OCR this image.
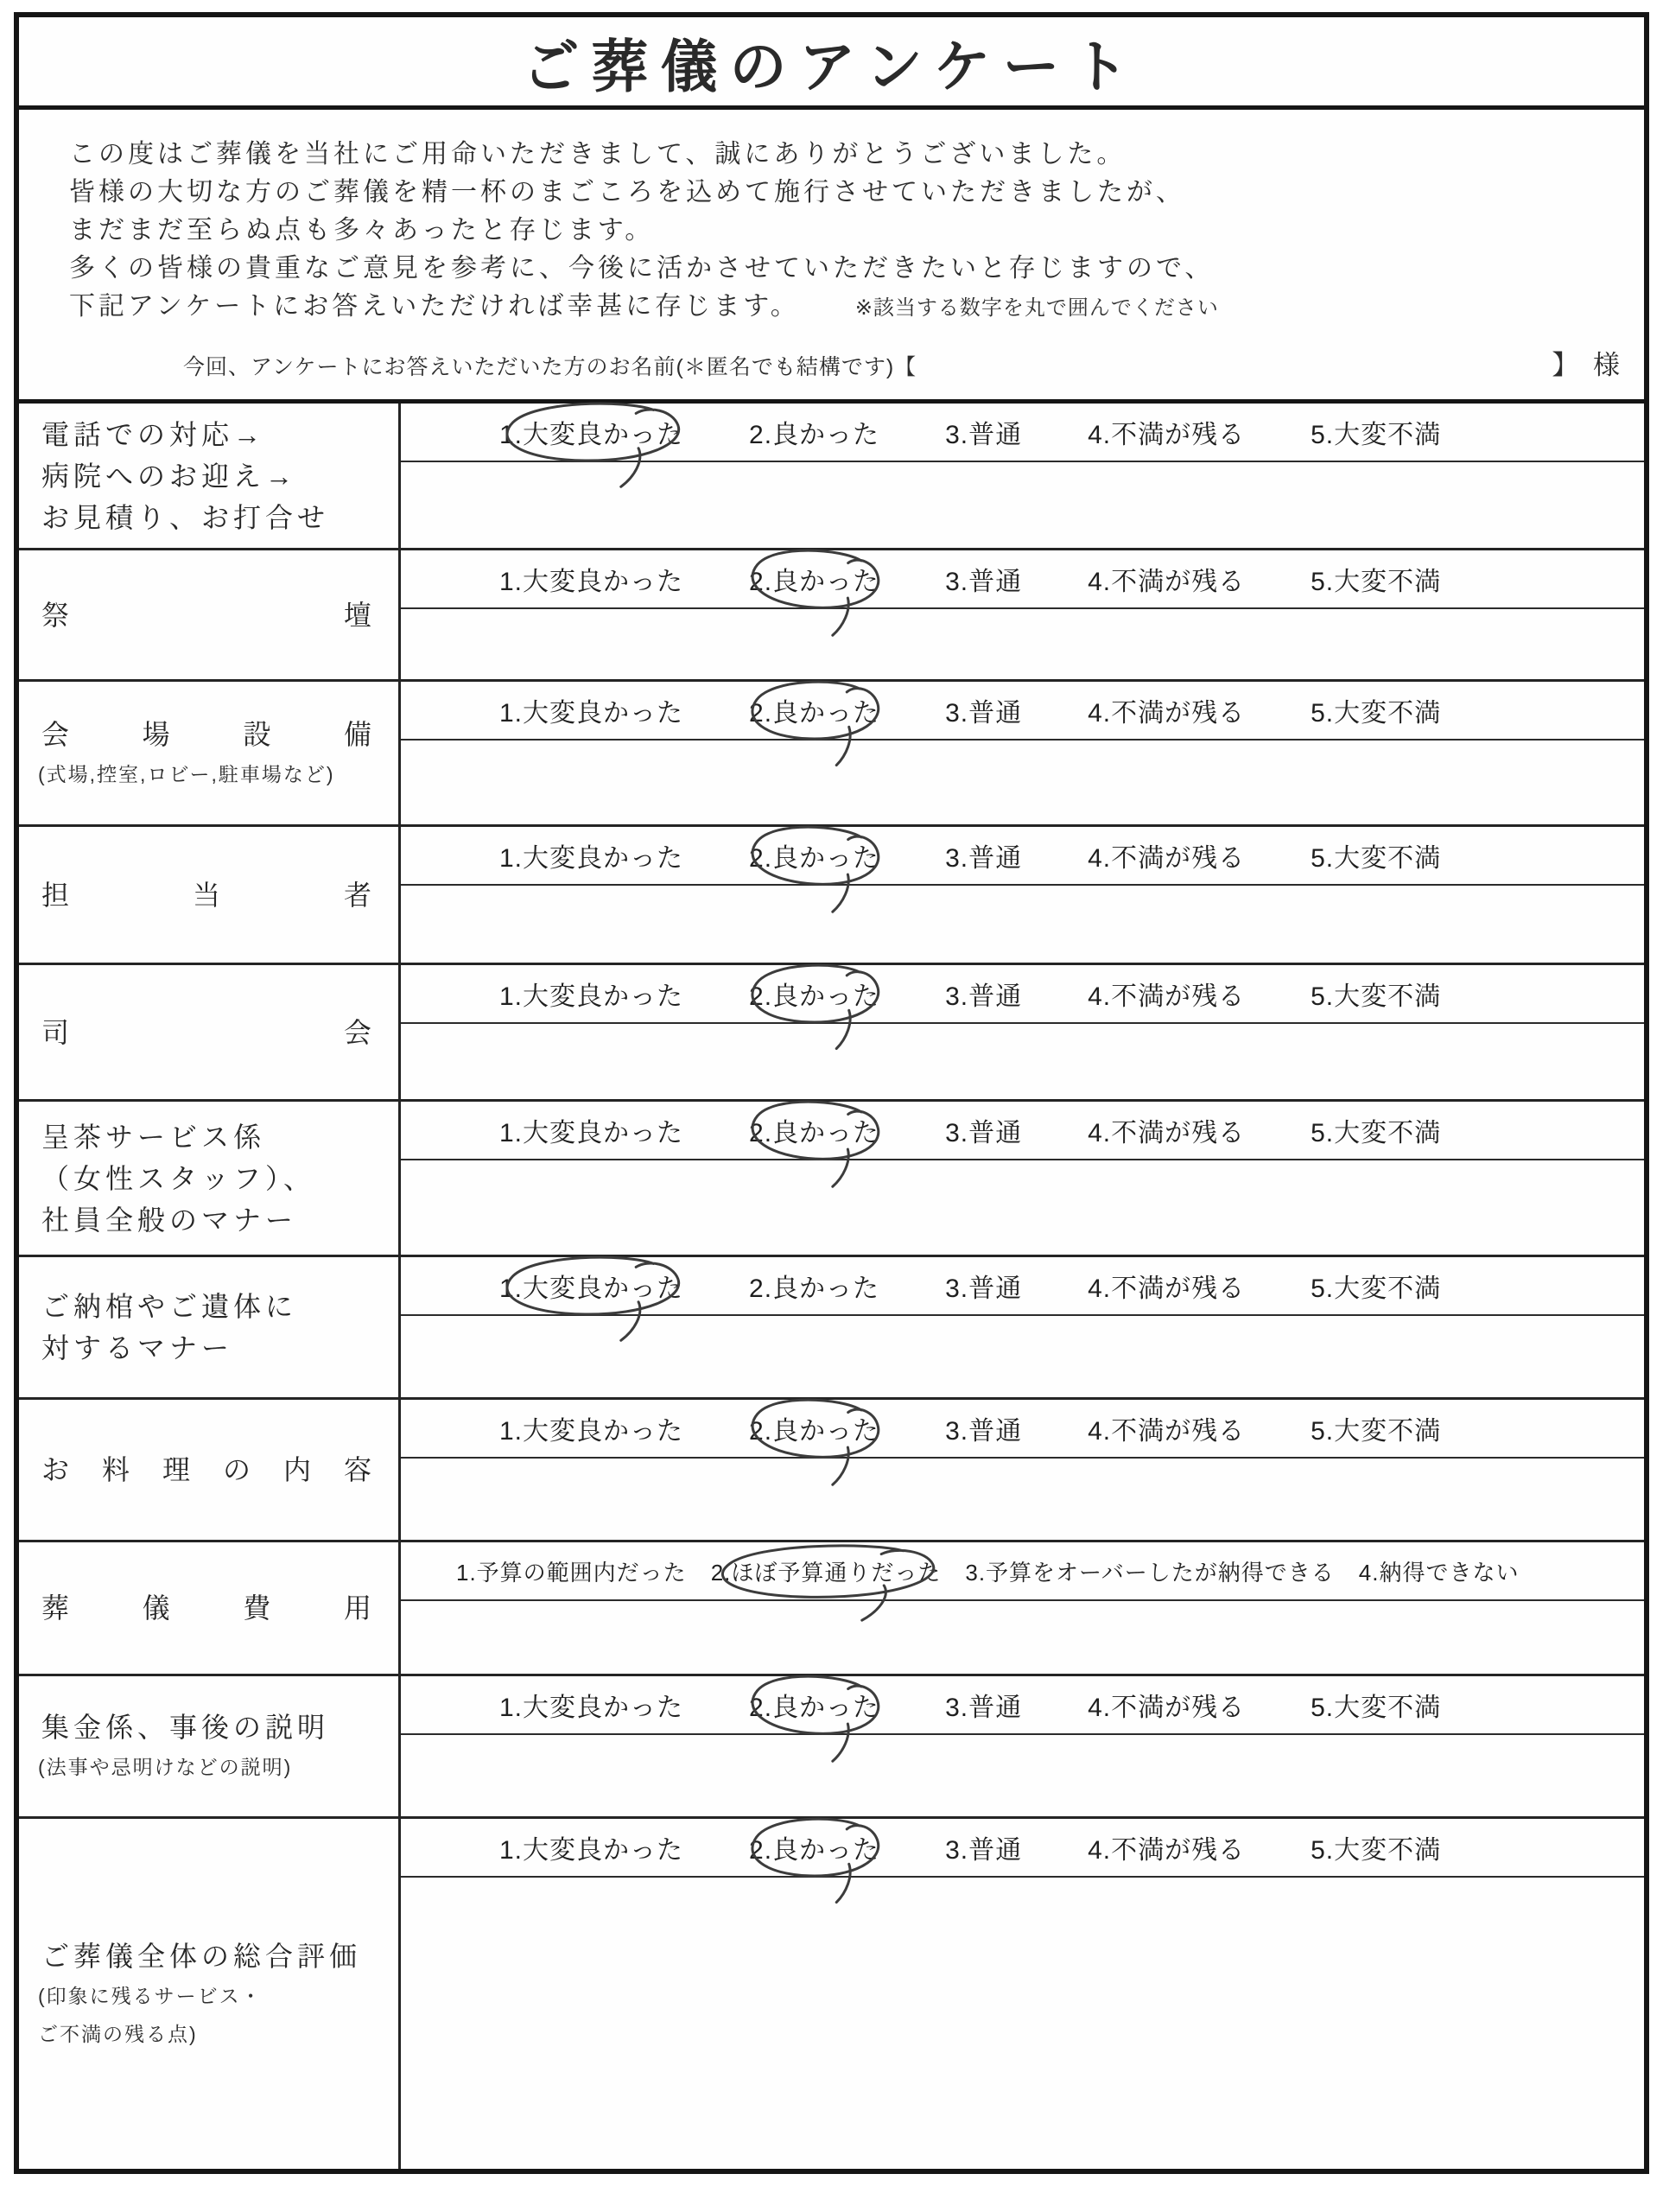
ご葬儀のアンケート
この度はご葬儀を当社にご用命いただきまして、誠にありがとうございました。
皆様の大切な方のご葬儀を精一杯のまごころを込めて施行させていただきましたが、
まだまだ至らぬ点も多々あったと存じます。
多くの皆様の貴重なご意見を参考に、今後に活かさせていただきたいと存じますので、
下記アンケートにお答えいただければ幸甚に存じます。	※該当する数字を丸で囲んでください
今回、アンケートにお答えいただいた方のお名前(＊匿名でも結構です)【	】 様
電話での対応→
病院へのお迎え→
お見積り、お打合せ
1.大変良かった	2.良かった	3.普通	4.不満が残る	5.大変不満
祭壇
1.大変良かった	2.良かった	3.普通	4.不満が残る	5.大変不満
会場設備
(式場,控室,ロビー,駐車場など)
1.大変良かった	2.良かった	3.普通	4.不満が残る	5.大変不満
担当者
1.大変良かった	2.良かった	3.普通	4.不満が残る	5.大変不満
司会
1.大変良かった	2.良かった	3.普通	4.不満が残る	5.大変不満
呈茶サービス係
（女性スタッフ）、
社員全般のマナー
1.大変良かった	2.良かった	3.普通	4.不満が残る	5.大変不満
ご納棺やご遺体に
対するマナー
1.大変良かった	2.良かった	3.普通	4.不満が残る	5.大変不満
お料理の内容
1.大変良かった	2.良かった	3.普通	4.不満が残る	5.大変不満
葬儀費用
1.予算の範囲内だった 2.ほぼ予算通りだった 3.予算をオーバーしたが納得できる 4.納得できない
集金係、事後の説明
(法事や忌明けなどの説明)
1.大変良かった	2.良かった	3.普通	4.不満が残る	5.大変不満
ご葬儀全体の総合評価
(印象に残るサービス・
ご不満の残る点)
1.大変良かった	2.良かった	3.普通	4.不満が残る	5.大変不満
